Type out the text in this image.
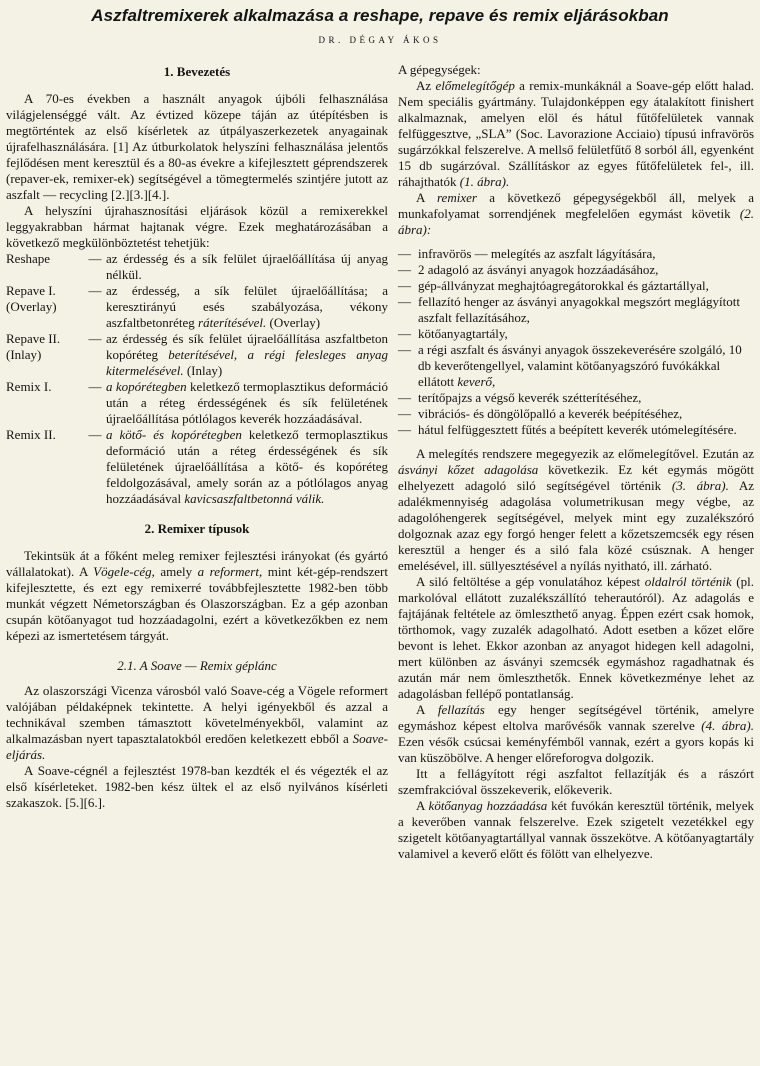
Aszfaltremixerek alkalmazása a reshape, repave és remix eljárásokban
DR. DÉGAY ÁKOS
1. Bevezetés

A 70-es években a használt anyagok újbóli felhasználása világjelenséggé vált. Az évtized közepe táján az útépítésben is megtörténtek az első kísérletek az útpályaszerkezetek anyagainak újrafelhasználására. [1] Az útburkolatok helyszíni felhasználása jelentős fejlődésen ment keresztül és a 80-as évekre a kifejlesztett géprendszerek (repaver-ek, remixer-ek) segítségével a tömegtermelés szintjére jutott az aszfalt — recycling [2.][3.][4.].

A helyszíni újrahasznosítási eljárások közül a remixerekkel leggyakrabban hármat hajtanak végre. Ezek meghatározásában a következő megkülönböztetést tehetjük:

Reshape	— az érdesség és a sík felület újraelőállítása új anyag nélkül.
Repave I. (Overlay)
— az érdesség, a sík felület újraelőállítása; a keresztirányú esés szabályozása, vékony aszfaltbetonréteg ráterítésével. (Overlay)
Repave II. (Inlay)
— az érdesség és sík felület újraelőállítása aszfaltbeton kopóréteg beterítésével, a régi felesleges anyag kitermelésével. (Inlay)
Remix I.	— a kopórétegben keletkező termoplasztikus deformáció után a réteg érdességének és sík felületének újraelőállítása pótlólagos keverék hozzáadásával.
Remix II.	— a kötő- és kopórétegben keletkező termoplasztikus deformáció után a réteg érdességének és sík felületének újraelőállítása a kötő- és kopóréteg feldolgozásával, amely során az a pótlólagos anyag hozzáadásával kavicsaszfaltbetonná válik.
2. Remixer típusok

Tekintsük át a főként meleg remixer fejlesztési irányokat (és gyártó vállalatokat). A Vögele-cég, amely a reformert, mint két-gép-rendszert kifejlesztette, és ezt egy remixerré továbbfejlesztette 1982-ben több munkát végzett Németországban és Olaszországban. Ez a gép azonban csupán kötőanyagot tud hozzáadagolni, ezért a következőkben ez nem képezi az ismertetésem tárgyát.

2.1. A Soave — Remix géplánc

Az olaszországi Vicenza városból való Soave-cég a Vögele reformert valójában példaképnek tekintette. A helyi igényekből és azzal a technikával szemben támasztott követelményekből, valamint az alkalmazásban nyert tapasztalatokból eredően keletkezett ebből a Soave-eljárás.

A Soave-cégnél a fejlesztést 1978-ban kezdték el és végezték el az első kísérleteket. 1982-ben kész ültek el az első nyilvános kísérleti szakaszok. [5.][6.].

A gépegységek:

Az előmelegítőgép a remix-munkáknál a Soave-gép előtt halad. Nem speciális gyártmány. Tulajdonképpen egy átalakított finishert alkalmaznak, amelyen elöl és hátul fűtőfelületek vannak felfüggesztve, „SLA” (Soc. Lavorazione Acciaio) típusú infravörös sugárzókkal felszerelve. A mellső felületfűtő 8 sorból áll, egyenként 15 db sugárzóval. Szállításkor az egyes fűtőfelületek fel-, ill. ráhajthatók (1. ábra).

A remixer a következő gépegységekből áll, melyek a munkafolyamat sorrendjének megfelelően egymást követik (2. ábra):

— infravörös — melegítés az aszfalt lágyítására,
— 2 adagoló az ásványi anyagok hozzáadásához,
— gép-állványzat meghajtóagregátorokkal és gáztartállyal,
— fellazító henger az ásványi anyagokkal megszórt meglágyított aszfalt fellazításához,
— kötőanyagtartály,
— a régi aszfalt és ásványi anyagok összekeverésére szolgáló, 10 db keverőtengellyel, valamint kötőanyagszóró fuvókákkal ellátott keverő,
— terítőpajzs a végső keverék szétterítéséhez,
— vibrációs- és döngölőpalló a keverék beépítéséhez,
— hátul felfüggesztett fűtés a beépített keverék utómelegítésére.

A melegítés rendszere megegyezik az előmelegítővel. Ezután az ásványi kőzet adagolása következik. Ez két egymás mögött elhelyezett adagoló siló segítségével történik (3. ábra). Az adalékmennyiség adagolása volumetrikusan megy végbe, az adagolóhengerek segítségével, melyek mint egy zuzalékszóró dolgoznak azaz egy forgó henger felett a kőzetszemcsék egy résen keresztül a henger és a siló fala közé csúsznak. A henger emelésével, ill. süllyesztésével a nyílás nyitható, ill. zárható.

A siló feltöltése a gép vonulatához képest oldalról történik (pl. markolóval ellátott zuzalékszállító teherautóról). Az adagolás e fajtájának feltétele az ömleszthető anyag. Éppen ezért csak homok, törthomok, vagy zuzalék adagolható. Adott esetben a kőzet előre bevont is lehet. Ekkor azonban az anyagot hidegen kell adagolni, mert különben az ásványi szemcsék egymáshoz ragadhatnak és azután már nem ömleszthetők. Ennek következménye lehet az adagolásban fellépő pontatlanság.

A fellazítás egy henger segítségével történik, amelyre egymáshoz képest eltolva marővésők vannak szerelve (4. ábra). Ezen vésők csúcsai keményfémből vannak, ezért a gyors kopás ki van küszöbölve. A henger előreforogva dolgozik.

Itt a fellágyított régi aszfaltot fellazítják és a rászórt szemfrakcióval összekeverik, előkeverik.

A kötőanyag hozzáadása két fuvókán keresztül történik, melyek a keverőben vannak felszerelve. Ezek szigetelt vezetékkel egy szigetelt kötőanyagtartállyal vannak összekötve. A kötőanyagtartály valamivel a keverő előtt és fölött van elhelyezve.
